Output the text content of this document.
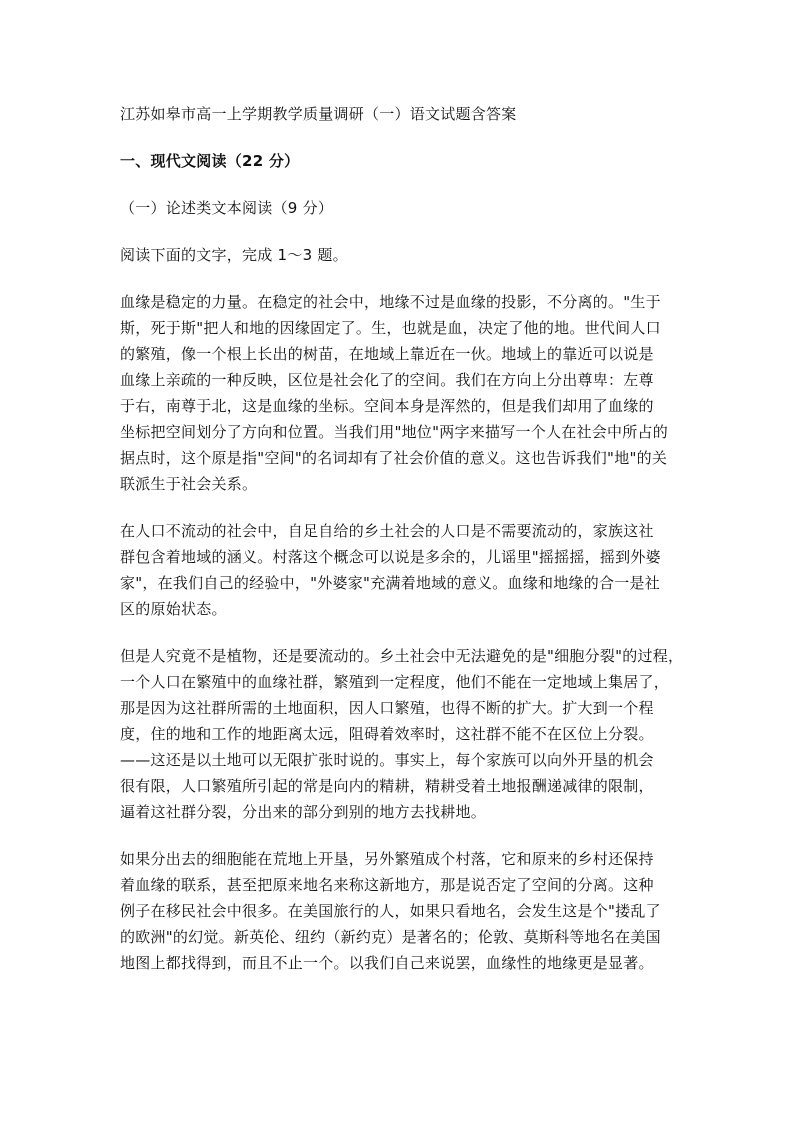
江苏如皋市高一上学期教学质量调研（一）语文试题含答案
一、现代文阅读（22 分）
（一）论述类文本阅读（9 分）
阅读下面的文字，完成 1～3 题。
血缘是稳定的力量。在稳定的社会中，地缘不过是血缘的投影，不分离的。"生于
斯，死于斯"把人和地的因缘固定了。生，也就是血，决定了他的地。世代间人口
的繁殖，像一个根上长出的树苗，在地域上靠近在一伙。地域上的靠近可以说是
血缘上亲疏的一种反映，区位是社会化了的空间。我们在方向上分出尊卑：左尊
于右，南尊于北，这是血缘的坐标。空间本身是浑然的，但是我们却用了血缘的
坐标把空间划分了方向和位置。当我们用"地位"两字来描写一个人在社会中所占的
据点时，这个原是指"空间"的名词却有了社会价值的意义。这也告诉我们"地"的关
联派生于社会关系。
在人口不流动的社会中，自足自给的乡土社会的人口是不需要流动的，家族这社
群包含着地域的涵义。村落这个概念可以说是多余的，儿谣里"摇摇摇，摇到外婆
家"，在我们自己的经验中，"外婆家"充满着地域的意义。血缘和地缘的合一是社
区的原始状态。
但是人究竟不是植物，还是要流动的。乡土社会中无法避免的是"细胞分裂"的过程，
一个人口在繁殖中的血缘社群，繁殖到一定程度，他们不能在一定地域上集居了，
那是因为这社群所需的土地面积，因人口繁殖，也得不断的扩大。扩大到一个程
度，住的地和工作的地距离太远，阻碍着效率时，这社群不能不在区位上分裂。
——这还是以土地可以无限扩张时说的。事实上，每个家族可以向外开垦的机会
很有限，人口繁殖所引起的常是向内的精耕，精耕受着土地报酬递减律的限制，
逼着这社群分裂，分出来的部分到别的地方去找耕地。
如果分出去的细胞能在荒地上开垦，另外繁殖成个村落，它和原来的乡村还保持
着血缘的联系，甚至把原来地名来称这新地方，那是说否定了空间的分离。这种
例子在移民社会中很多。在美国旅行的人，如果只看地名，会发生这是个"搂乱了
的欧洲"的幻觉。新英伦、纽约（新约克）是著名的；伦敦、莫斯科等地名在美国
地图上都找得到，而且不止一个。以我们自己来说罢，血缘性的地缘更是显著。
